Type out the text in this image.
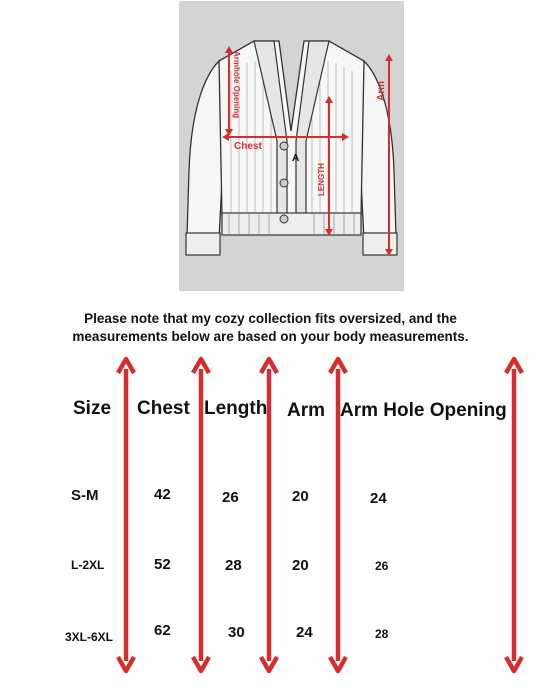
Armhole Opening
Chest
A
LENGTH
Arm
Please note that my cozy collection fits oversized, and the
measurements below are based on your body measurements.
Size Chest Length Arm Arm Hole Opening
S-M	42	26	20	24
L-2XL	52	28	20	26
3XL-6XL	62	30	24	28
